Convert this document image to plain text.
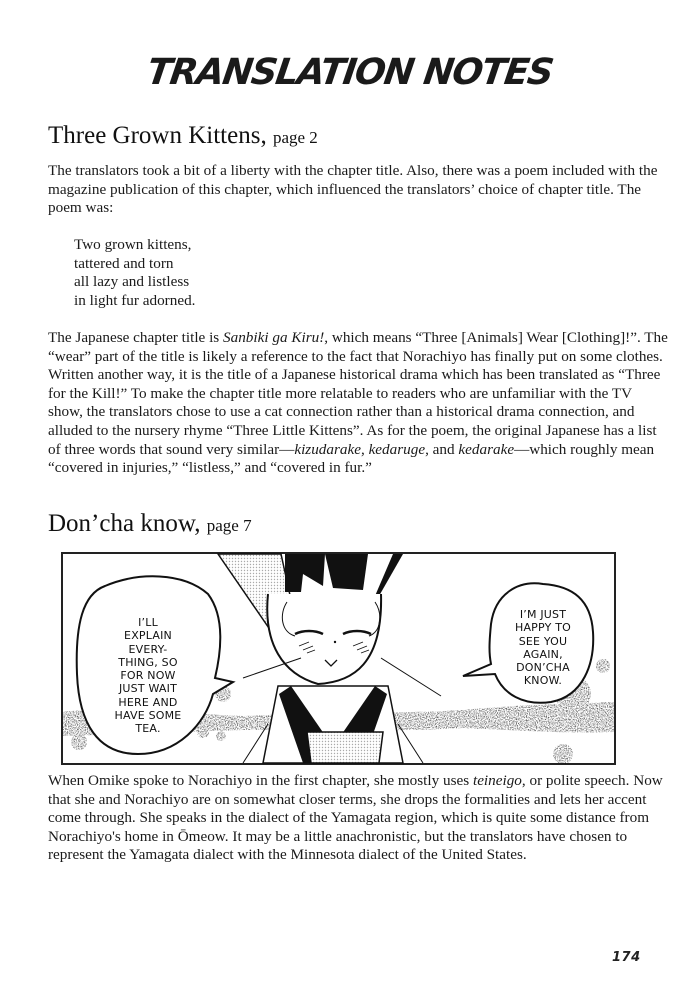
TRANSLATION NOTES
Three Grown Kittens, page 2

The translators took a bit of a liberty with the chapter title. Also, there was a poem included with the magazine publication of this chapter, which influenced the translators’ choice of chapter title. The poem was:

Two grown kittens,
tattered and torn
all lazy and listless
in light fur adorned.

The Japanese chapter title is Sanbiki ga Kiru!, which means “Three [Animals] Wear [Clothing]!”. The “wear” part of the title is likely a reference to the fact that Norachiyo has finally put on some clothes. Written another way, it is the title of a Japanese historical drama which has been translated as “Three for the Kill!” To make the chapter title more relatable to readers who are unfamiliar with the TV show, the translators chose to use a cat connection rather than a historical drama connection, and alluded to the nursery rhyme “Three Little Kittens”. As for the poem, the original Japanese has a list of three words that sound very similar—kizudarake, kedaruge, and kedarake—which roughly mean “covered in injuries,” “listless,” and “covered in fur.”

Don’cha know, page 7
I’LL
EXPLAIN
EVERY-
THING, SO
FOR NOW
JUST WAIT
HERE AND
HAVE SOME
TEA.
I’M JUST
HAPPY TO
SEE YOU
AGAIN,
DON’CHA
KNOW.

When Omike spoke to Norachiyo in the first chapter, she mostly uses teineigo, or polite speech. Now that she and Norachiyo are on somewhat closer terms, she drops the formalities and lets her accent come through. She speaks in the dialect of the Yamagata region, which is quite some distance from Norachiyo's home in Ōmeow. It may be a little anachronistic, but the translators have chosen to represent the Yamagata dialect with the Minnesota dialect of the United States.

174
